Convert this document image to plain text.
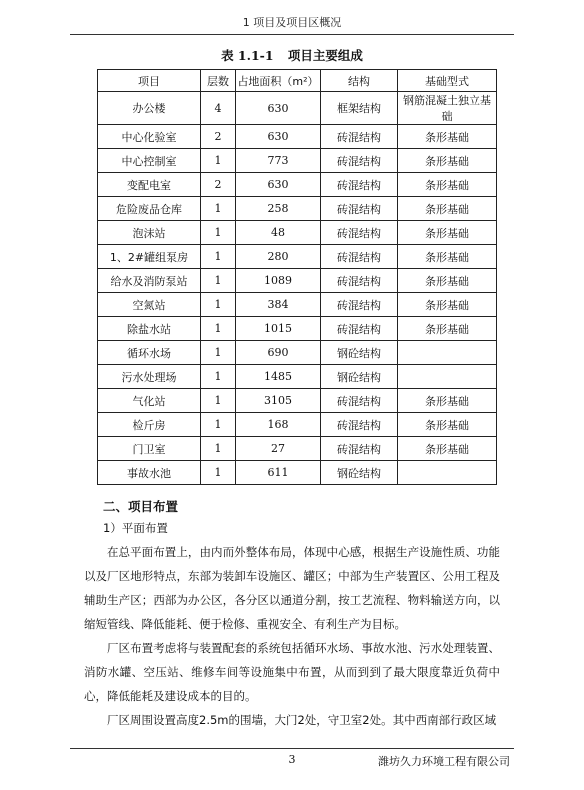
1 项目及项目区概况
表 1.1-1 项目主要组成
项目	层数	占地面积（m²）	结构	基础型式
办公楼	4	630	框架结构	钢筋混凝土独立基础
中心化验室	2	630	砖混结构	条形基础
中心控制室	1	773	砖混结构	条形基础
变配电室	2	630	砖混结构	条形基础
危险废品仓库	1	258	砖混结构	条形基础
泡沫站	1	48	砖混结构	条形基础
1、2#罐组泵房	1	280	砖混结构	条形基础
给水及消防泵站	1	1089	砖混结构	条形基础
空氮站	1	384	砖混结构	条形基础
除盐水站	1	1015	砖混结构	条形基础
循环水场	1	690	钢砼结构	
污水处理场	1	1485	钢砼结构	
气化站	1	3105	砖混结构	条形基础
检斤房	1	168	砖混结构	条形基础
门卫室	1	27	砖混结构	条形基础
事故水池	1	611	钢砼结构	
二、项目布置
1）平面布置

在总平面布置上，由内而外整体布局，体现中心感，根据生产设施性质、功能以及厂区地形特点，东部为装卸车设施区、罐区；中部为生产装置区、公用工程及辅助生产区；西部为办公区，各分区以通道分割，按工艺流程、物料输送方向，以缩短管线、降低能耗、便于检修、重视安全、有利生产为目标。

厂区布置考虑将与装置配套的系统包括循环水场、事故水池、污水处理装置、消防水罐、空压站、维修车间等设施集中布置，从而到到了最大限度靠近负荷中心，降低能耗及建设成本的目的。

厂区周围设置高度2.5m的围墙，大门2处，守卫室2处。其中西南部行政区域

3	潍坊久力环境工程有限公司
